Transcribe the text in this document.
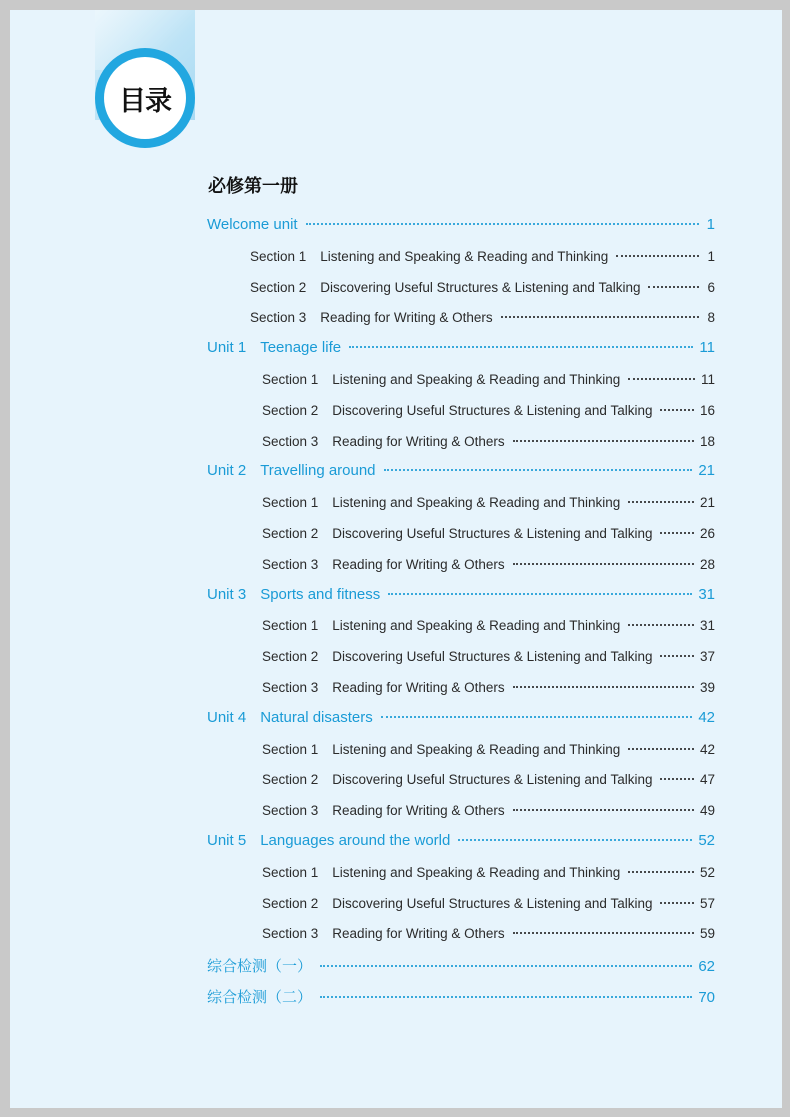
目录
必修第一册
Welcome unit	1
Section 1 Listening and Speaking & Reading and Thinking	1
Section 2 Discovering Useful Structures & Listening and Talking	6
Section 3 Reading for Writing & Others	8
Unit 1 Teenage life	11
Section 1 Listening and Speaking & Reading and Thinking	11
Section 2 Discovering Useful Structures & Listening and Talking	16
Section 3 Reading for Writing & Others	18
Unit 2 Travelling around	21
Section 1 Listening and Speaking & Reading and Thinking	21
Section 2 Discovering Useful Structures & Listening and Talking	26
Section 3 Reading for Writing & Others	28
Unit 3 Sports and fitness	31
Section 1 Listening and Speaking & Reading and Thinking	31
Section 2 Discovering Useful Structures & Listening and Talking	37
Section 3 Reading for Writing & Others	39
Unit 4 Natural disasters	42
Section 1 Listening and Speaking & Reading and Thinking	42
Section 2 Discovering Useful Structures & Listening and Talking	47
Section 3 Reading for Writing & Others	49
Unit 5 Languages around the world	52
Section 1 Listening and Speaking & Reading and Thinking	52
Section 2 Discovering Useful Structures & Listening and Talking	57
Section 3 Reading for Writing & Others	59
综合检测（一）	62
综合检测（二）	70
